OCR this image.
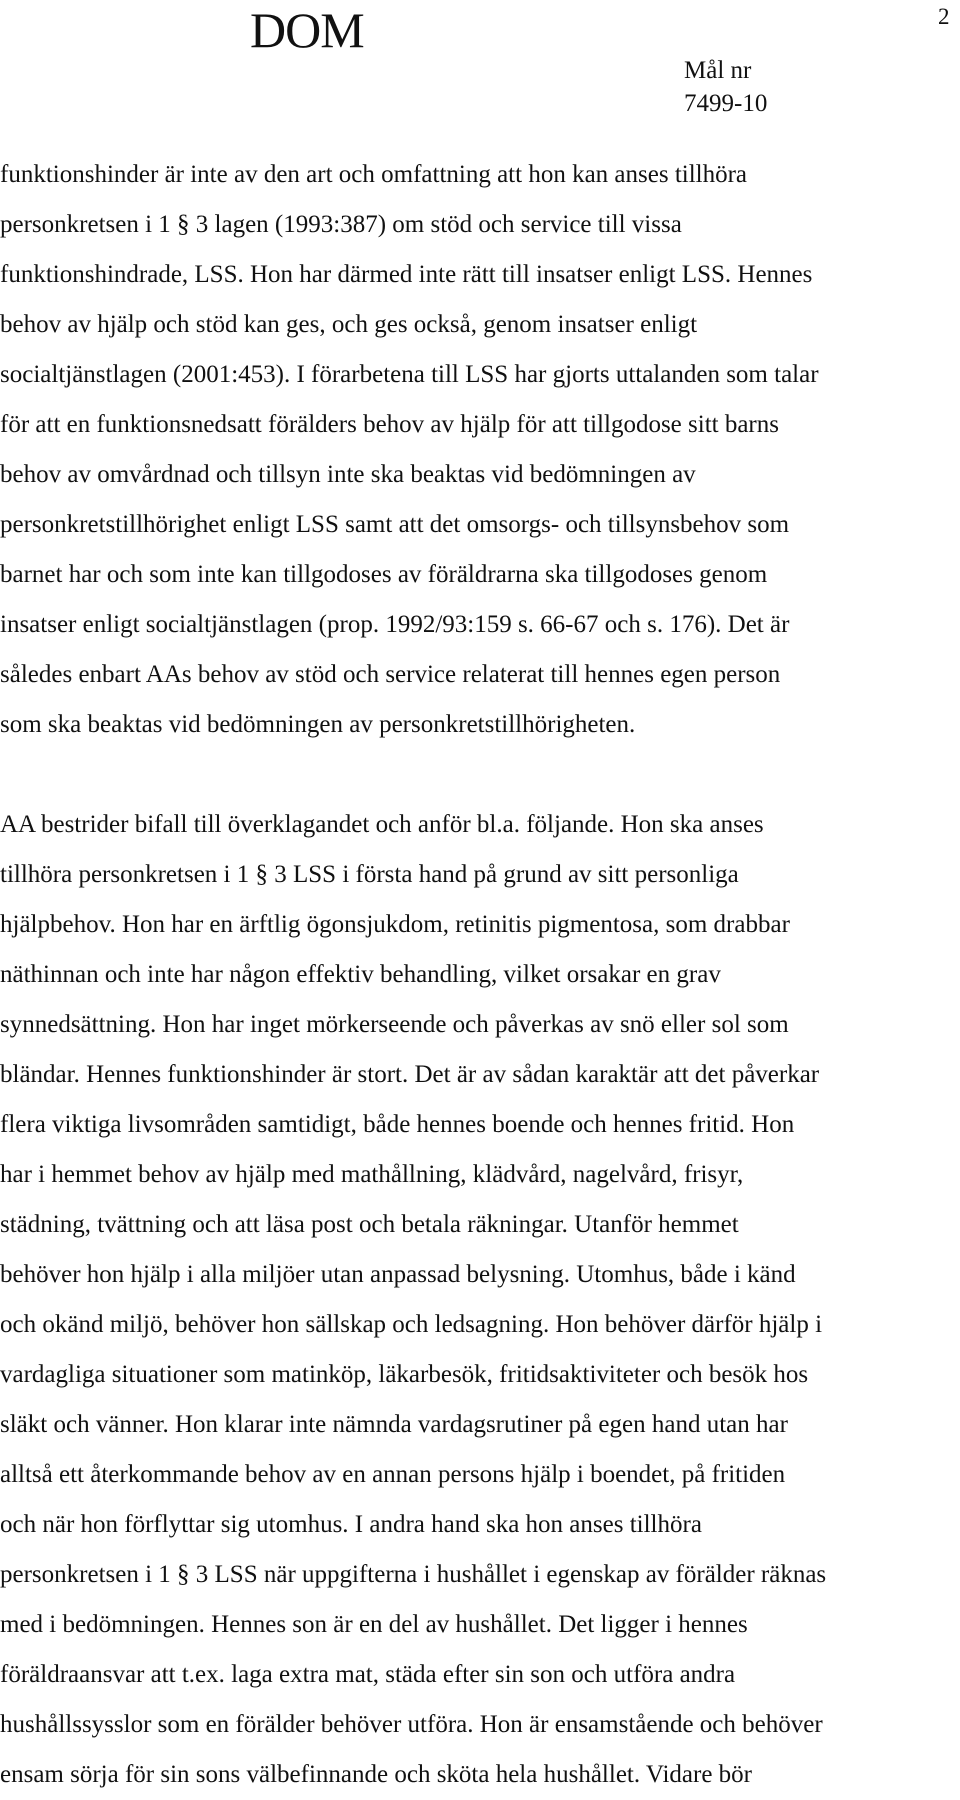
DOM	2
Mål nr
7499-10
funktionshinder är inte av den art och omfattning att hon kan anses tillhöra
personkretsen i 1 § 3 lagen (1993:387) om stöd och service till vissa
funktionshindrade, LSS. Hon har därmed inte rätt till insatser enligt LSS. Hennes
behov av hjälp och stöd kan ges, och ges också, genom insatser enligt
socialtjänstlagen (2001:453). I förarbetena till LSS har gjorts uttalanden som talar
för att en funktionsnedsatt förälders behov av hjälp för att tillgodose sitt barns
behov av omvårdnad och tillsyn inte ska beaktas vid bedömningen av
personkretstillhörighet enligt LSS samt att det omsorgs- och tillsynsbehov som
barnet har och som inte kan tillgodoses av föräldrarna ska tillgodoses genom
insatser enligt socialtjänstlagen (prop. 1992/93:159 s. 66-67 och s. 176). Det är
således enbart AAs behov av stöd och service relaterat till hennes egen person
som ska beaktas vid bedömningen av personkretstillhörigheten.
AA bestrider bifall till överklagandet och anför bl.a. följande. Hon ska anses
tillhöra personkretsen i 1 § 3 LSS i första hand på grund av sitt personliga
hjälpbehov. Hon har en ärftlig ögonsjukdom, retinitis pigmentosa, som drabbar
näthinnan och inte har någon effektiv behandling, vilket orsakar en grav
synnedsättning. Hon har inget mörkerseende och påverkas av snö eller sol som
bländar. Hennes funktionshinder är stort. Det är av sådan karaktär att det påverkar
flera viktiga livsområden samtidigt, både hennes boende och hennes fritid. Hon
har i hemmet behov av hjälp med mathållning, klädvård, nagelvård, frisyr,
städning, tvättning och att läsa post och betala räkningar. Utanför hemmet
behöver hon hjälp i alla miljöer utan anpassad belysning. Utomhus, både i känd
och okänd miljö, behöver hon sällskap och ledsagning. Hon behöver därför hjälp i
vardagliga situationer som matinköp, läkarbesök, fritidsaktiviteter och besök hos
släkt och vänner. Hon klarar inte nämnda vardagsrutiner på egen hand utan har
alltså ett återkommande behov av en annan persons hjälp i boendet, på fritiden
och när hon förflyttar sig utomhus. I andra hand ska hon anses tillhöra
personkretsen i 1 § 3 LSS när uppgifterna i hushållet i egenskap av förälder räknas
med i bedömningen. Hennes son är en del av hushållet. Det ligger i hennes
föräldraansvar att t.ex. laga extra mat, städa efter sin son och utföra andra
hushållssysslor som en förälder behöver utföra. Hon är ensamstående och behöver
ensam sörja för sin sons välbefinnande och sköta hela hushållet. Vidare bör
